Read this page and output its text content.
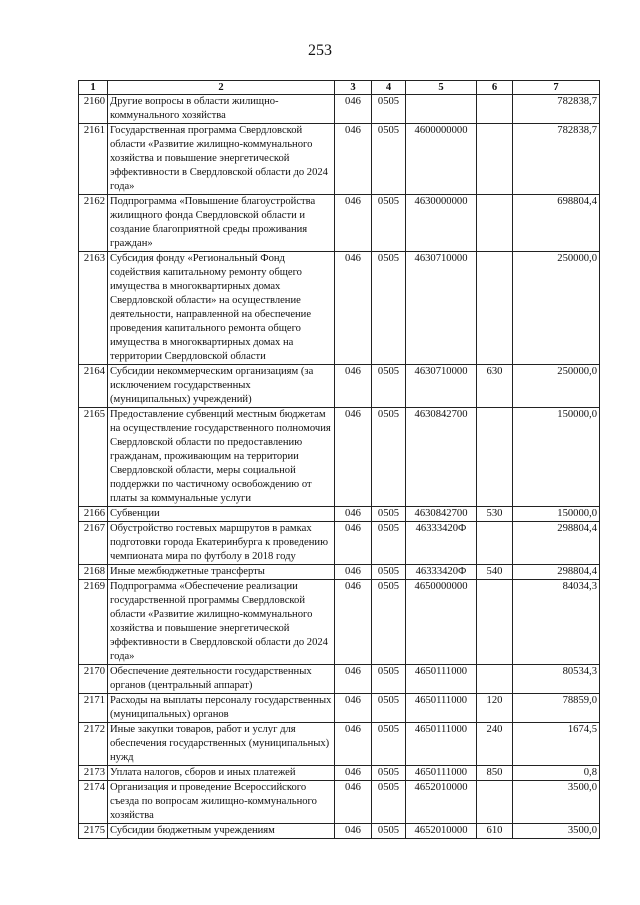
253
1	2	3	4	5	6	7
2160	Другие вопросы в области жилищно-коммунального хозяйства	046	0505			782838,7
2161	Государственная программа Свердловской области «Развитие жилищно-коммунального хозяйства и повышение энергетической эффективности в Свердловской области до 2024 года»	046	0505	4600000000		782838,7
2162	Подпрограмма «Повышение благоустройства жилищного фонда Свердловской области и создание благоприятной среды проживания граждан»	046	0505	4630000000		698804,4
2163	Субсидия фонду «Региональный Фонд содействия капитальному ремонту общего имущества в многоквартирных домах Свердловской области» на осуществление деятельности, направленной на обеспечение проведения капитального ремонта общего имущества в многоквартирных домах на территории Свердловской области	046	0505	4630710000		250000,0
2164	Субсидии некоммерческим организациям (за исключением государственных (муниципальных) учреждений)	046	0505	4630710000	630	250000,0
2165	Предоставление субвенций местным бюджетам на осуществление государственного полномочия Свердловской области по предоставлению гражданам, проживающим на территории Свердловской области, меры социальной поддержки по частичному освобождению от платы за коммунальные услуги	046	0505	4630842700		150000,0
2166	Субвенции	046	0505	4630842700	530	150000,0
2167	Обустройство гостевых маршрутов в рамках подготовки города Екатеринбурга к проведению чемпионата мира по футболу в 2018 году	046	0505	46333420Ф		298804,4
2168	Иные межбюджетные трансферты	046	0505	46333420Ф	540	298804,4
2169	Подпрограмма «Обеспечение реализации государственной программы Свердловской области «Развитие жилищно-коммунального хозяйства и повышение энергетической эффективности в Свердловской области до 2024 года»	046	0505	4650000000		84034,3
2170	Обеспечение деятельности государственных органов (центральный аппарат)	046	0505	4650111000		80534,3
2171	Расходы на выплаты персоналу государственных (муниципальных) органов	046	0505	4650111000	120	78859,0
2172	Иные закупки товаров, работ и услуг для обеспечения государственных (муниципальных) нужд	046	0505	4650111000	240	1674,5
2173	Уплата налогов, сборов и иных платежей	046	0505	4650111000	850	0,8
2174	Организация и проведение Всероссийского съезда по вопросам жилищно-коммунального хозяйства	046	0505	4652010000		3500,0
2175	Субсидии бюджетным учреждениям	046	0505	4652010000	610	3500,0
